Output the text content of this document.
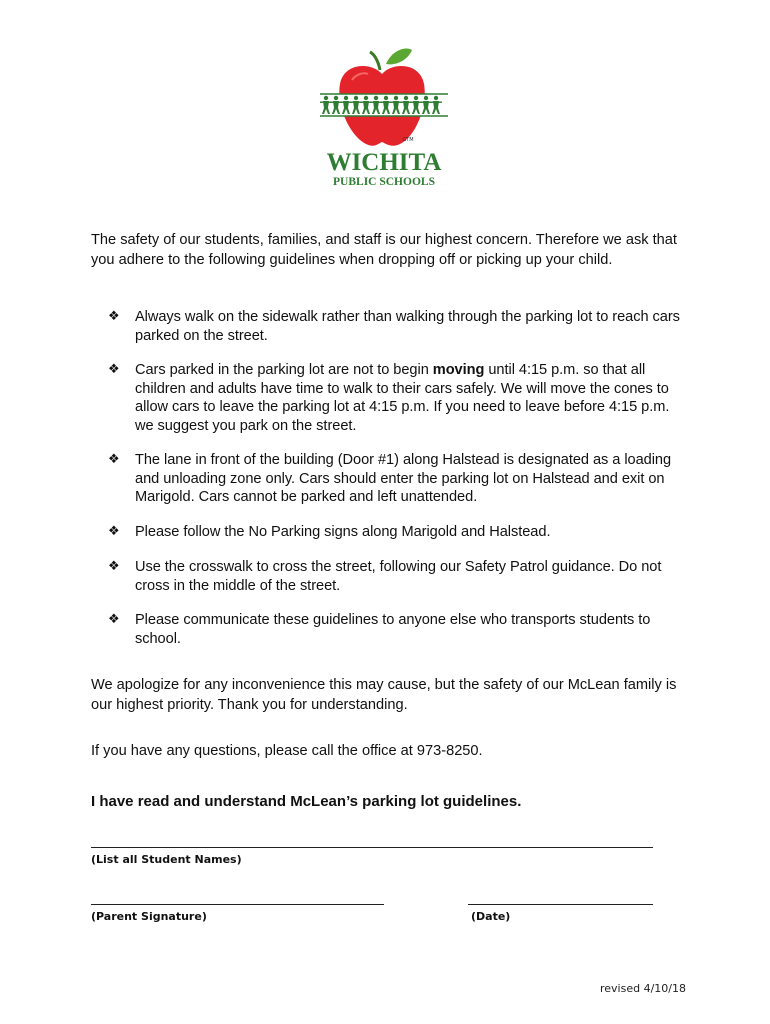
WICHITA
PUBLIC SCHOOLS
GTM

The safety of our students, families, and staff is our highest concern. Therefore we ask that you adhere to the following guidelines when dropping off or picking up your child.

❖ Always walk on the sidewalk rather than walking through the parking lot to reach cars parked on the street.
❖ Cars parked in the parking lot are not to begin moving until 4:15 p.m. so that all children and adults have time to walk to their cars safely. We will move the cones to allow cars to leave the parking lot at 4:15 p.m. If you need to leave before 4:15 p.m. we suggest you park on the street.
❖ The lane in front of the building (Door #1) along Halstead is designated as a loading and unloading zone only. Cars should enter the parking lot on Halstead and exit on Marigold. Cars cannot be parked and left unattended.
❖ Please follow the No Parking signs along Marigold and Halstead.
❖ Use the crosswalk to cross the street, following our Safety Patrol guidance. Do not cross in the middle of the street.
❖ Please communicate these guidelines to anyone else who transports students to school.

We apologize for any inconvenience this may cause, but the safety of our McLean family is our highest priority. Thank you for understanding.

If you have any questions, please call the office at 973-8250.

I have read and understand McLean’s parking lot guidelines.

(List all Student Names)

(Parent Signature)	(Date)

revised 4/10/18
